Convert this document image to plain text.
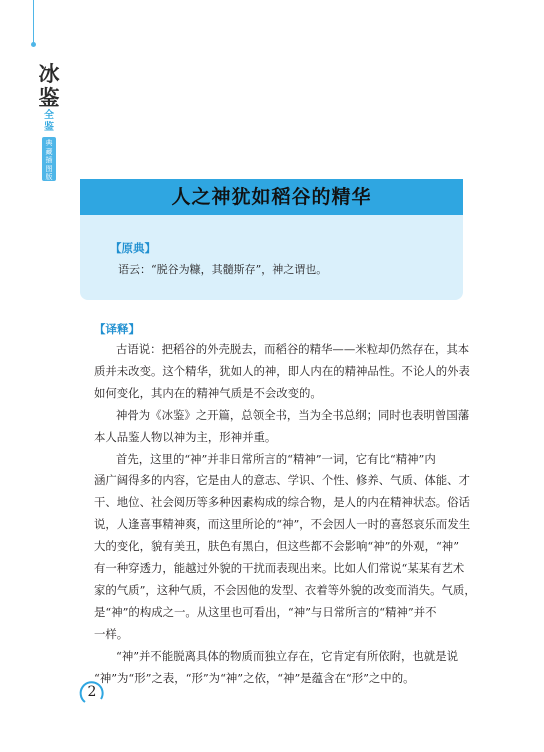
冰
鉴
全
鉴
典藏插图版
人之神犹如稻谷的精华
【原典】
语云：“脱谷为糠，其髓斯存”，神之谓也。
【译释】
古语说：把稻谷的外壳脱去，而稻谷的精华——米粒却仍然存在，其本
质并未改变。这个精华，犹如人的神，即人内在的精神品性。不论人的外表
如何变化，其内在的精神气质是不会改变的。
神骨为《冰鉴》之开篇，总领全书，当为全书总纲；同时也表明曾国藩
本人品鉴人物以神为主，形神并重。
首先，这里的“神”并非日常所言的“精神”一词，它有比“精神”内
涵广阔得多的内容，它是由人的意志、学识、个性、修养、气质、体能、才
干、地位、社会阅历等多种因素构成的综合物，是人的内在精神状态。俗话
说，人逢喜事精神爽，而这里所论的“神”，不会因人一时的喜怒哀乐而发生
大的变化，貌有美丑，肤色有黑白，但这些都不会影响“神”的外观，“神”
有一种穿透力，能越过外貌的干扰而表现出来。比如人们常说“某某有艺术
家的气质”，这种气质，不会因他的发型、衣着等外貌的改变而消失。气质，
是“神”的构成之一。从这里也可看出，“神”与日常所言的“精神”并不
一样。
“神”并不能脱离具体的物质而独立存在，它肯定有所依附，也就是说
“神”为“形”之表，“形”为“神”之依，“神”是蕴含在“形”之中的。
2
